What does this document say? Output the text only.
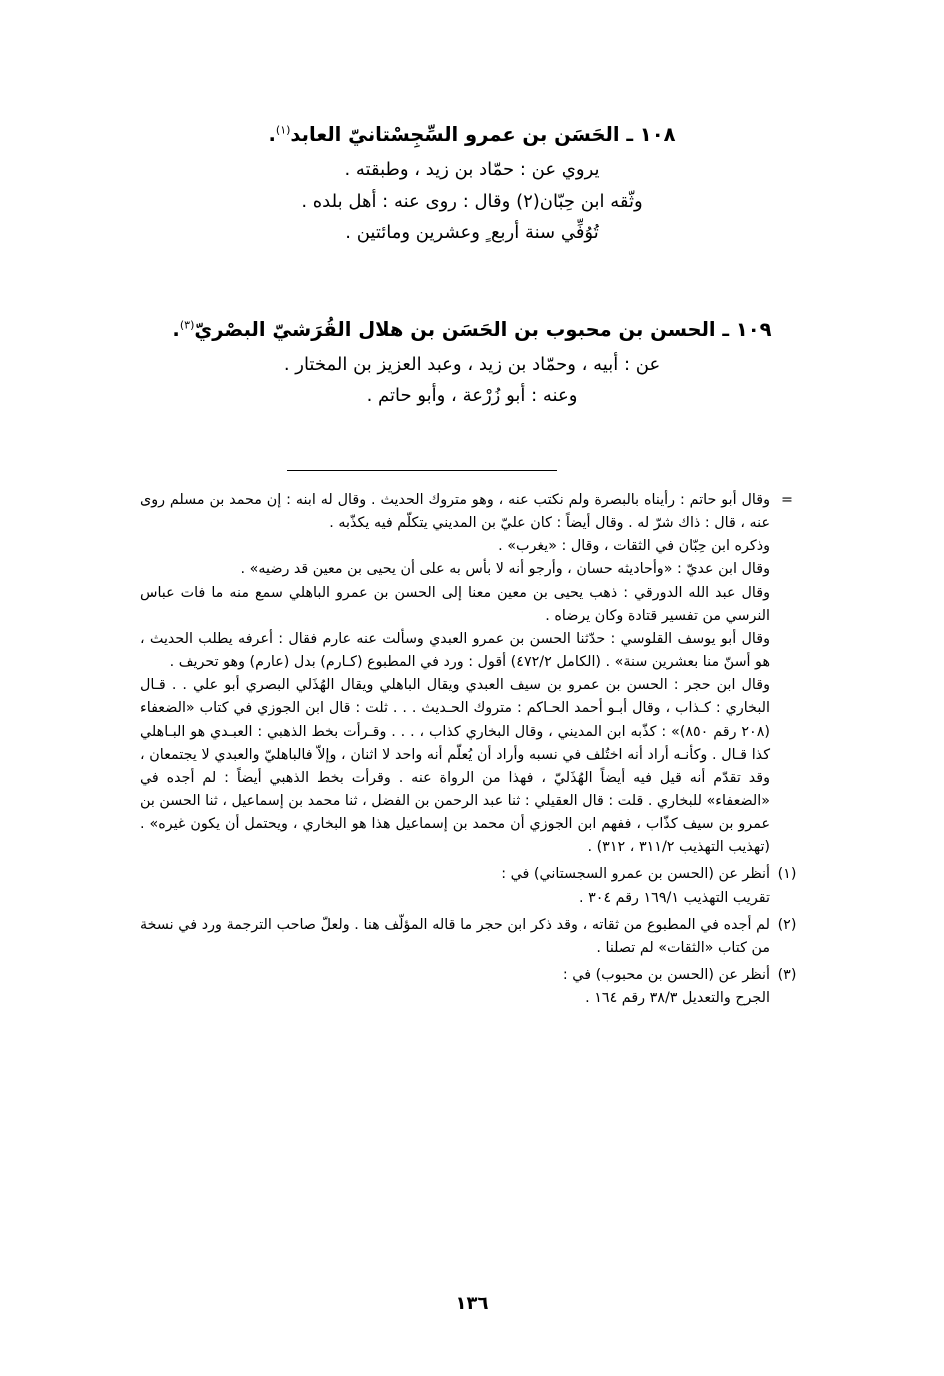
١٠٨ ـ الحَسَن بن عمرو السِّجِسْتانيّ العابد$^{(١)}$.
يروي عن : حمّاد بن زيد ، وطبقته .
وثّقه ابن حِبّان(٢) وقال : روى عنه : أهل بلده .
تُوُفِّي سنة أربع ٍ وعشرين ومائتين .
١٠٩ ـ الحسن بن محبوب بن الحَسَن بن هلال القُرَشيّ البصْريّ$^{(٣)}$.
عن : أبيه ، وحمّاد بن زيد ، وعبد العزيز بن المختار .
وعنه : أبو زُرْعة ، وأبو حاتم .
=

وقال أبو حاتم : رأيناه بالبصرة ولم نكتب عنه ، وهو متروك الحديث . وقال له ابنه : إن محمد بن مسلم روى عنه ، قال : ذاك شرّ له . وقال أيضاً : كان عليّ بن المديني يتكلّم فيه يكذّبه .

وذكره ابن حِبّان في الثقات ، وقال : «يغرب» .

وقال ابن عديّ : «وأحاديثه حسان ، وأرجو أنه لا بأس به على أن يحيى بن معين قد رضيه» .

وقال عبد الله الدورقي : ذهب يحيى بن معين معنا إلى الحسن بن عمرو الباهلي سمع منه ما فات عباس النرسي من تفسير قتادة وكان يرضاه .

وقال أبو يوسف القلوسي : حدّثنا الحسن بن عمرو العبدي وسألت عنه عارم فقال : أعرفه يطلب الحديث ، هو أسنّ منا بعشرين سنة» . (الكامل ٤٧٢/٢) أقول : ورد في المطبوع (كـارم) بدل (عارم) وهو تحريف .

وقال ابن حجر : الحسن بن عمرو بن سيف العبدي ويقال الباهلي ويقال الهُذَلي البصري أبو علي . . قـال البخاري : كـذاب ، وقال أبـو أحمد الحـاكم : متروك الحـديث . . . ثلت : قال ابن الجوزي في كتاب «الضعفاء (٢٠٨ رقم ٨٥٠)» : كذّبه ابن المديني ، وقال البخاري كذاب ، . . . وقـرأت بخط الذهبي : العبـدي هو البـاهلي كذا قـال . وكأنـه أراد أنه اختُلف في نسبه وأراد أن يُعلّم أنه واحد لا اثنان ، وإلاّ فالباهليّ والعبدي لا يجتمعان ، وقد تقدّم أنه قيل فيه أيضاً الهُذَليّ ، فهذا من الرواة عنه . وقرأت بخط الذهبي أيضاً : لم أجده في «الضعفاء» للبخاري . قلت : قال العقيلي : ثنا عبد الرحمن بن الفضل ، ثنا محمد بن إسماعيل ، ثنا الحسن بن عمرو بن سيف كذّاب ، ففهم ابن الجوزي أن محمد بن إسماعيل هذا هو البخاري ، ويحتمل أن يكون غيره» . (تهذيب التهذيب ٣١١/٢ ، ٣١٢) .

(١)

أنظر عن (الحسن بن عمرو السجستاني) في :

تقريب التهذيب ١٦٩/١ رقم ٣٠٤ .

(٢)

لم أجده في المطبوع من ثقاته ، وقد ذكر ابن حجر ما قاله المؤلّف هنا . ولعلّ صاحب الترجمة ورد في نسخة من كتاب «الثقات» لم تصلنا .

(٣)

أنظر عن (الحسن بن محبوب) في :

الجرح والتعديل ٣٨/٣ رقم ١٦٤ .

١٣٦
